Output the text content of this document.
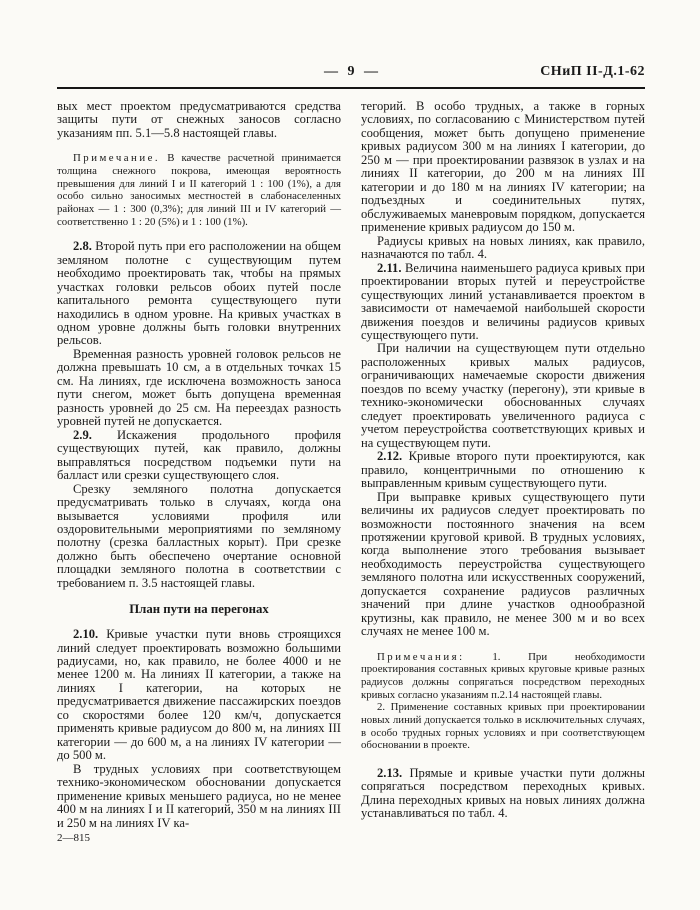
— 9 —	СНиП II-Д.1-62

вых мест проектом предусматриваются средства защиты пути от снежных заносов согласно указаниям пп. 5.1—5.8 настоящей главы.

Примечание. В качестве расчетной принимается толщина снежного покрова, имеющая вероятность превышения для линий I и II категорий 1 : 100 (1%), а для особо сильно заносимых местностей в слабонаселенных районах — 1 : 300 (0,3%); для линий III и IV категорий — соответственно 1 : 20 (5%) и 1 : 100 (1%).

2.8. Второй путь при его расположении на общем земляном полотне с существующим путем необходимо проектировать так, чтобы на прямых участках головки рельсов обоих путей после капитального ремонта существующего пути находились в одном уровне. На кривых участках в одном уровне должны быть головки внутренних рельсов.

Временная разность уровней головок рельсов не должна превышать 10 см, а в отдельных точках 15 см. На линиях, где исключена возможность заноса пути снегом, может быть допущена временная разность уровней до 25 см. На переездах разность уровней путей не допускается.

2.9. Искажения продольного профиля существующих путей, как правило, должны выправляться посредством подъемки пути на балласт или срезки существующего слоя.

Срезку земляного полотна допускается предусматривать только в случаях, когда она вызывается условиями профиля или оздоровительными мероприятиями по земляному полотну (срезка балластных корыт). При срезке должно быть обеспечено очертание основной площадки земляного полотна в соответствии с требованием п. 3.5 настоящей главы.

План пути на перегонах

2.10. Кривые участки пути вновь строящихся линий следует проектировать возможно большими радиусами, но, как правило, не более 4000 и не менее 1200 м. На линиях II категории, а также на линиях I категории, на которых не предусматривается движение пассажирских поездов со скоростями более 120 км/ч, допускается применять кривые радиусом до 800 м, на линиях III категории — до 600 м, а на линиях IV категории — до 500 м.

В трудных условиях при соответствующем технико-экономическом обосновании допускается применение кривых меньшего радиуса, но не менее 400 м на линиях I и II категорий, 350 м на линиях III и 250 м на линиях IV ка-

2—815

тегорий. В особо трудных, а также в горных условиях, по согласованию с Министерством путей сообщения, может быть допущено применение кривых радиусом 300 м на линиях I категории, до 250 м — при проектировании развязок в узлах и на линиях II категории, до 200 м на линиях III категории и до 180 м на линиях IV категории; на подъездных и соединительных путях, обслуживаемых маневровым порядком, допускается применение кривых радиусом до 150 м.

Радиусы кривых на новых линиях, как правило, назначаются по табл. 4.

2.11. Величина наименьшего радиуса кривых при проектировании вторых путей и переустройстве существующих линий устанавливается проектом в зависимости от намечаемой наибольшей скорости движения поездов и величины радиусов кривых существующего пути.

При наличии на существующем пути отдельно расположенных кривых малых радиусов, ограничивающих намечаемые скорости движения поездов по всему участку (перегону), эти кривые в технико-экономически обоснованных случаях следует проектировать увеличенного радиуса с учетом переустройства соответствующих кривых и на существующем пути.

2.12. Кривые второго пути проектируются, как правило, концентричными по отношению к выправленным кривым существующего пути.

При выправке кривых существующего пути величины их радиусов следует проектировать по возможности постоянного значения на всем протяжении круговой кривой. В трудных условиях, когда выполнение этого требования вызывает необходимость переустройства существующего земляного полотна или искусственных сооружений, допускается сохранение радиусов различных значений при длине участков однообразной крутизны, как правило, не менее 300 м и во всех случаях не менее 100 м.

Примечания:	1. При необходимости проектирования составных кривых круговые кривые разных радиусов должны сопрягаться посредством переходных кривых согласно указаниям п.2.14 настоящей главы.

2. Применение составных кривых при проектировании новых линий допускается только в исключительных случаях, в особо трудных горных условиях и при соответствующем обосновании в проекте.

2.13. Прямые и кривые участки пути должны сопрягаться посредством переходных кривых. Длина переходных кривых на новых линиях должна устанавливаться по табл. 4.
